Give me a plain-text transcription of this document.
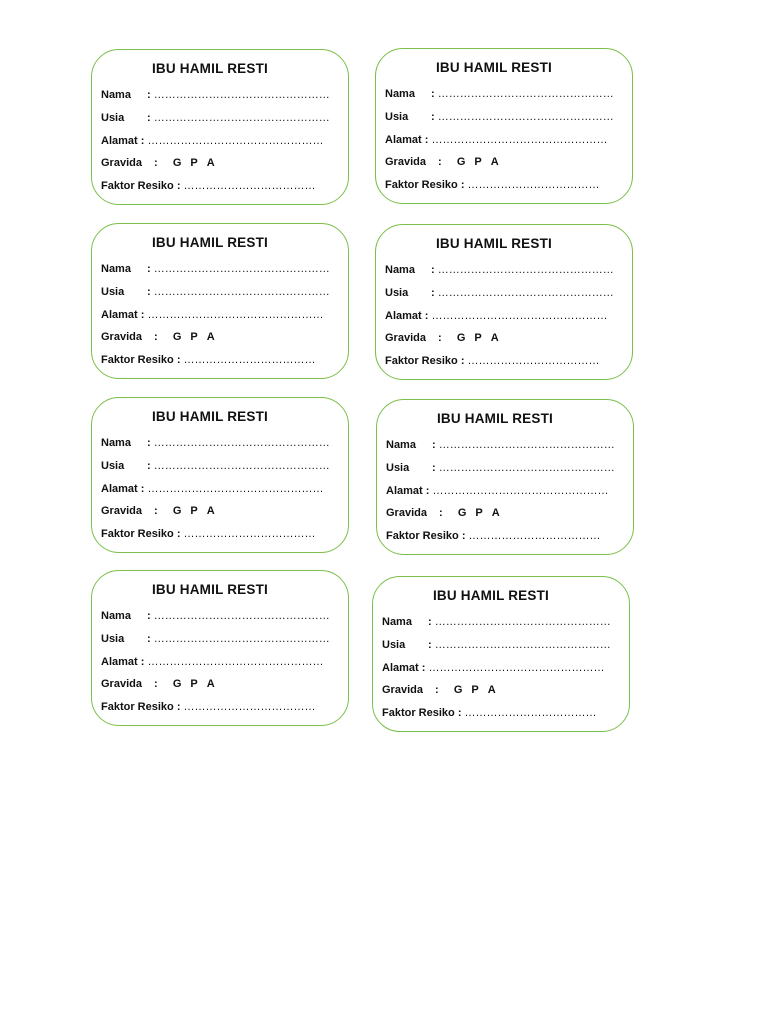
IBU HAMIL RESTI
Nama : …………………………………………
Usia : …………………………………………
Alamat : …………………………………………
Gravida : G P A
Faktor Resiko : ………………………………
IBU HAMIL RESTI
Nama : …………………………………………
Usia : …………………………………………
Alamat : …………………………………………
Gravida : G P A
Faktor Resiko : ………………………………
IBU HAMIL RESTI
Nama : …………………………………………
Usia : …………………………………………
Alamat : …………………………………………
Gravida : G P A
Faktor Resiko : ………………………………
IBU HAMIL RESTI
Nama : …………………………………………
Usia : …………………………………………
Alamat : …………………………………………
Gravida : G P A
Faktor Resiko : ………………………………
IBU HAMIL RESTI
Nama : …………………………………………
Usia : …………………………………………
Alamat : …………………………………………
Gravida : G P A
Faktor Resiko : ………………………………
IBU HAMIL RESTI
Nama : …………………………………………
Usia : …………………………………………
Alamat : …………………………………………
Gravida : G P A
Faktor Resiko : ………………………………
IBU HAMIL RESTI
Nama : …………………………………………
Usia : …………………………………………
Alamat : …………………………………………
Gravida : G P A
Faktor Resiko : ………………………………
IBU HAMIL RESTI
Nama : …………………………………………
Usia : …………………………………………
Alamat : …………………………………………
Gravida : G P A
Faktor Resiko : ………………………………
